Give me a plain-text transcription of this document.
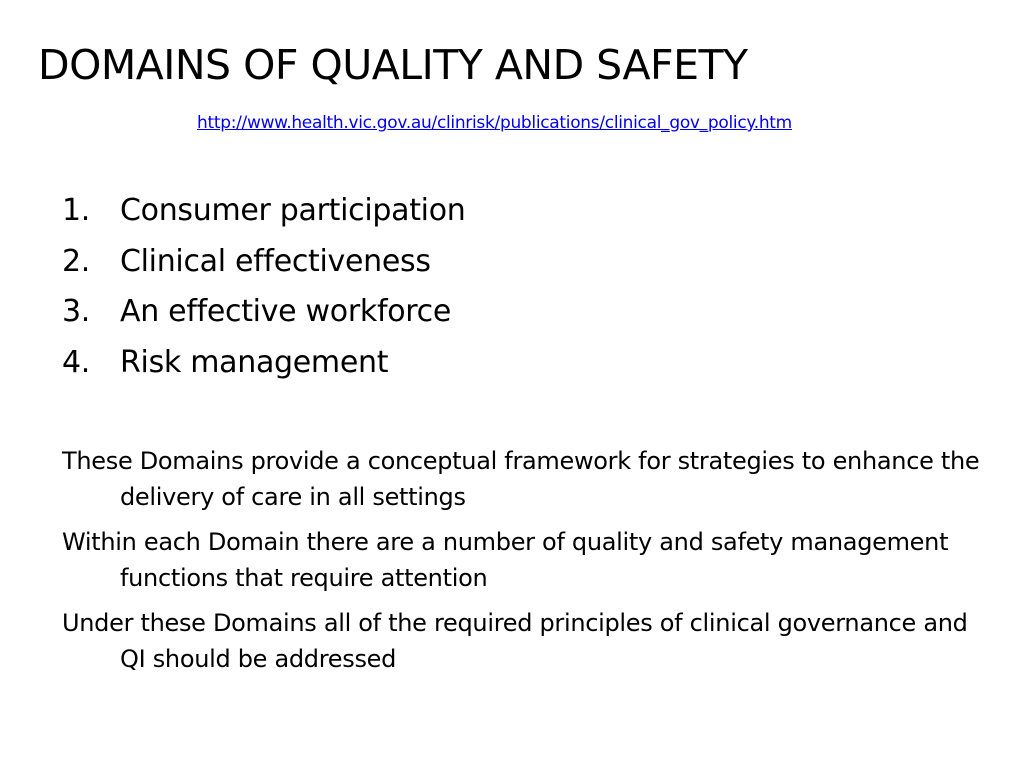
DOMAINS OF QUALITY AND SAFETY
http://www.health.vic.gov.au/clinrisk/publications/clinical_gov_policy.htm
1. Consumer participation
2. Clinical effectiveness
3. An effective workforce
4. Risk management

These Domains provide a conceptual framework for strategies to enhance the delivery of care in all settings

Within each Domain there are a number of quality and safety management functions that require attention

Under these Domains all of the required principles of clinical governance and QI should be addressed
